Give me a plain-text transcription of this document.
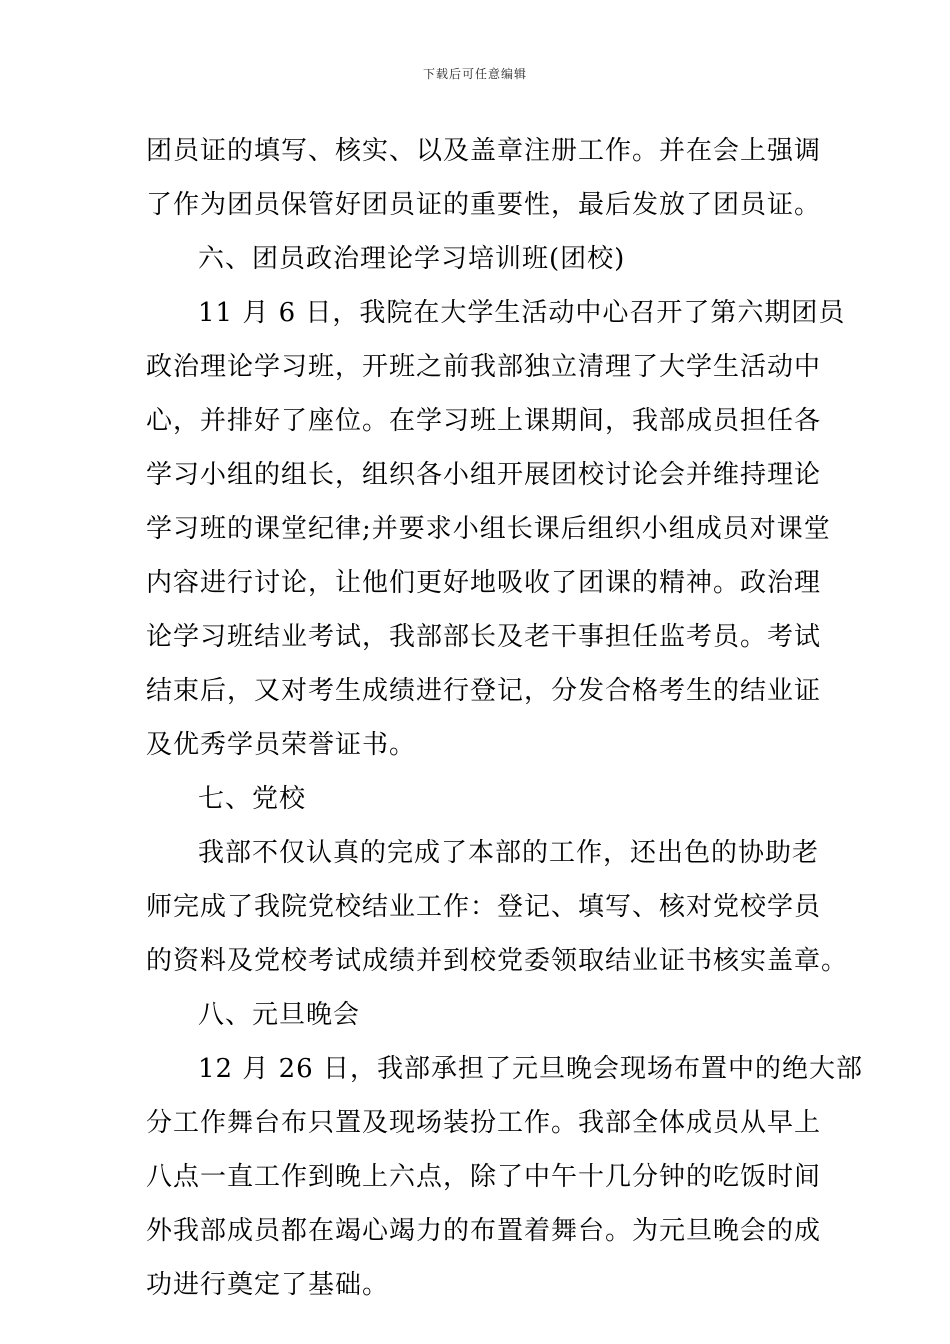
下载后可任意编辑
团员证的填写、核实、以及盖章注册工作。并在会上强调
了作为团员保管好团员证的重要性，最后发放了团员证。
六、团员政治理论学习培训班(团校)
11 月 6 日，我院在大学生活动中心召开了第六期团员
政治理论学习班，开班之前我部独立清理了大学生活动中
心，并排好了座位。在学习班上课期间，我部成员担任各
学习小组的组长，组织各小组开展团校讨论会并维持理论
学习班的课堂纪律;并要求小组长课后组织小组成员对课堂
内容进行讨论，让他们更好地吸收了团课的精神。政治理
论学习班结业考试，我部部长及老干事担任监考员。考试
结束后，又对考生成绩进行登记，分发合格考生的结业证
及优秀学员荣誉证书。
七、党校
我部不仅认真的完成了本部的工作，还出色的协助老
师完成了我院党校结业工作：登记、填写、核对党校学员
的资料及党校考试成绩并到校党委领取结业证书核实盖章。
八、元旦晚会
12 月 26 日，我部承担了元旦晚会现场布置中的绝大部
分工作舞台布只置及现场装扮工作。我部全体成员从早上
八点一直工作到晚上六点，除了中午十几分钟的吃饭时间
外我部成员都在竭心竭力的布置着舞台。为元旦晚会的成
功进行奠定了基础。
